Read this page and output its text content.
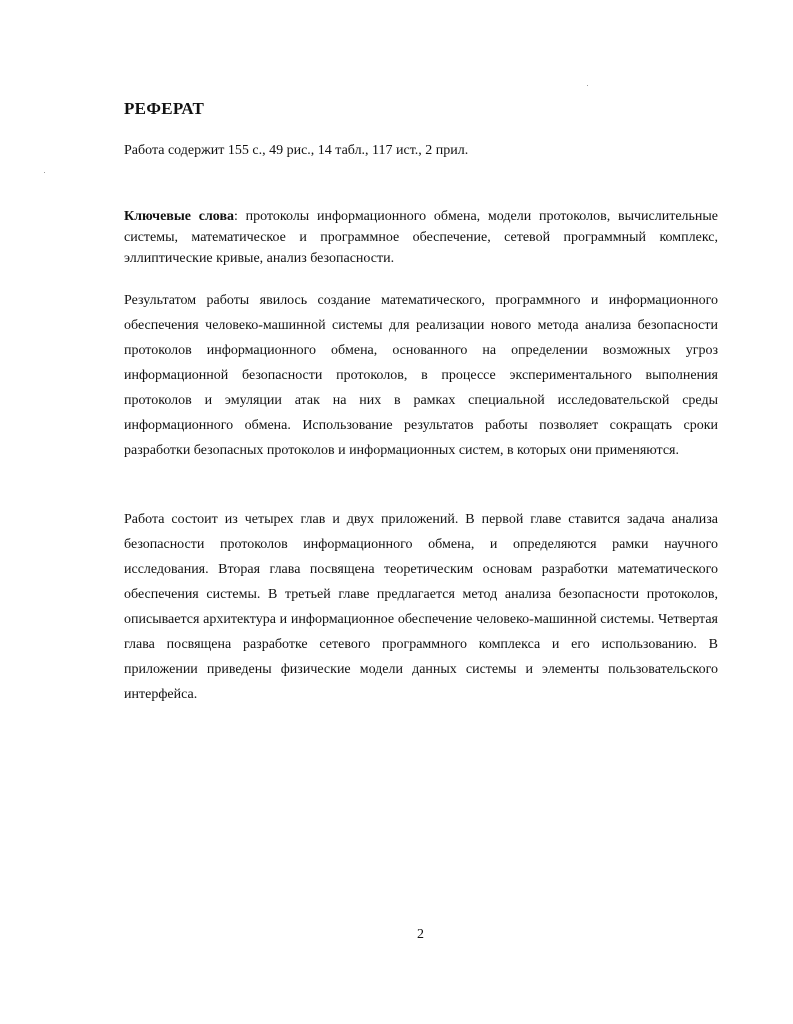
РЕФЕРАТ

Работа содержит 155 с., 49 рис., 14 табл., 117 ист., 2 прил.

Ключевые слова: протоколы информационного обмена, модели протоколов, вычислительные системы, математическое и программное обеспечение, сетевой программный комплекс, эллиптические кривые, анализ безопасности.

Результатом работы явилось создание математического, программного и информационного обеспечения человеко-машинной системы для реализации нового метода анализа безопасности протоколов информационного обмена, основанного на определении возможных угроз информационной безопасности протоколов, в процессе экспериментального выполнения протоколов и эмуляции атак на них в рамках специальной исследовательской среды информационного обмена. Использование результатов работы позволяет сокращать сроки разработки безопасных протоколов и информационных систем, в которых они применяются.

Работа состоит из четырех глав и двух приложений. В первой главе ставится задача анализа безопасности протоколов информационного обмена, и определяются рамки научного исследования. Вторая глава посвящена теоретическим основам разработки математического обеспечения системы. В третьей главе предлагается метод анализа безопасности протоколов, описывается архитектура и информационное обеспечение человеко-машинной системы. Четвертая глава посвящена разработке сетевого программного комплекса и его использованию. В приложении приведены физические модели данных системы и элементы пользовательского интерфейса.

2
